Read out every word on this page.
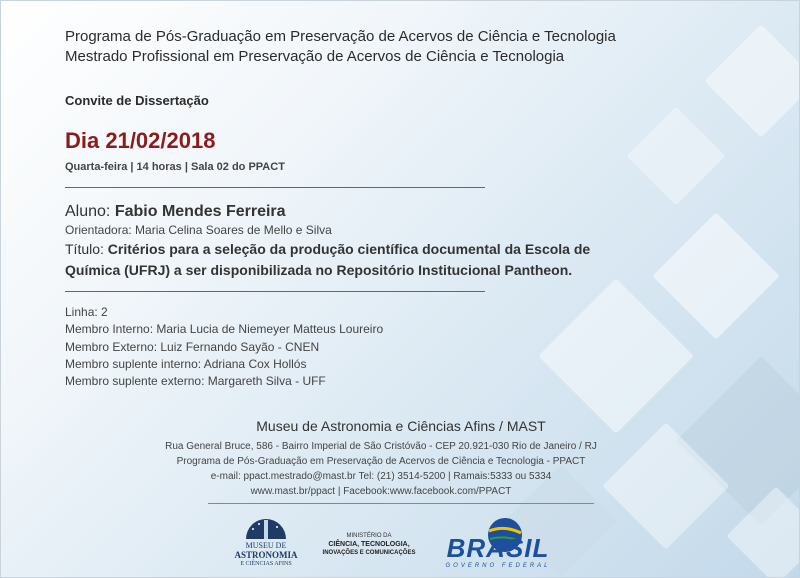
Programa de Pós-Graduação em Preservação de Acervos de Ciência e Tecnologia
Mestrado Profissional em Preservação de Acervos de Ciência e Tecnologia
Convite de Dissertação
Dia 21/02/2018
Quarta-feira | 14 horas | Sala 02 do PPACT
Aluno: Fabio Mendes Ferreira
Orientadora: Maria Celina Soares de Mello e Silva
Título: Critérios para a seleção da produção científica documental da Escola de
Química (UFRJ) a ser disponibilizada no Repositório Institucional Pantheon.
Linha: 2
Membro Interno: Maria Lucia de Niemeyer Matteus Loureiro
Membro Externo: Luiz Fernando Sayão - CNEN
Membro suplente interno: Adriana Cox Hollós
Membro suplente externo: Margareth Silva - UFF
Museu de Astronomia e Ciências Afins / MAST
Rua General Bruce, 586 - Bairro Imperial de São Cristóvão - CEP 20.921-030 Rio de Janeiro / RJ
Programa de Pós-Graduação em Preservação de Acervos de Ciência e Tecnologia - PPACT
e-mail: ppact.mestrado@mast.br Tel: (21) 3514-5200 | Ramais:5333 ou 5334
www.mast.br/ppact | Facebook:www.facebook.com/PPACT
MUSEU DE
ASTRONOMIA
E CIÊNCIAS AFINS
MINISTÉRIO DA
CIÊNCIA, TECNOLOGIA,
INOVAÇÕES E COMUNICAÇÕES	BRASIL
GOVERNO FEDERAL
